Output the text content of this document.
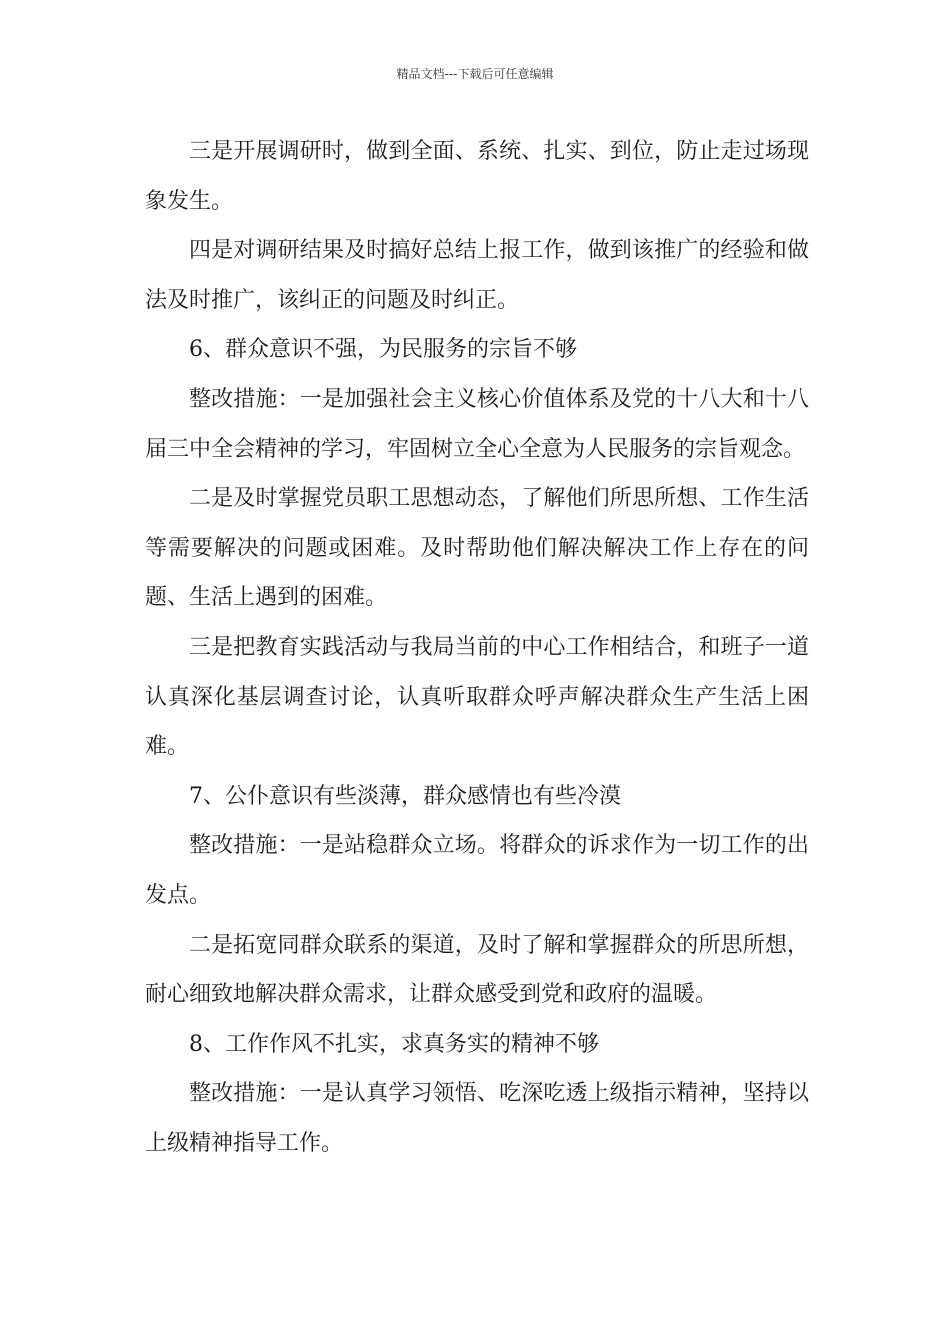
精品文档---下载后可任意编辑

三是开展调研时，做到全面、系统、扎实、到位，防止走过场现象发生。

四是对调研结果及时搞好总结上报工作，做到该推广的经验和做法及时推广，该纠正的问题及时纠正。

6、群众意识不强，为民服务的宗旨不够

整改措施：一是加强社会主义核心价值体系及党的十八大和十八届三中全会精神的学习，牢固树立全心全意为人民服务的宗旨观念。

二是及时掌握党员职工思想动态，了解他们所思所想、工作生活等需要解决的问题或困难。及时帮助他们解决解决工作上存在的问题、生活上遇到的困难。

三是把教育实践活动与我局当前的中心工作相结合，和班子一道认真深化基层调查讨论，认真听取群众呼声解决群众生产生活上困难。

7、公仆意识有些淡薄，群众感情也有些冷漠

整改措施：一是站稳群众立场。将群众的诉求作为一切工作的出发点。

二是拓宽同群众联系的渠道，及时了解和掌握群众的所思所想，耐心细致地解决群众需求，让群众感受到党和政府的温暖。

8、工作作风不扎实，求真务实的精神不够

整改措施：一是认真学习领悟、吃深吃透上级指示精神，坚持以上级精神指导工作。
